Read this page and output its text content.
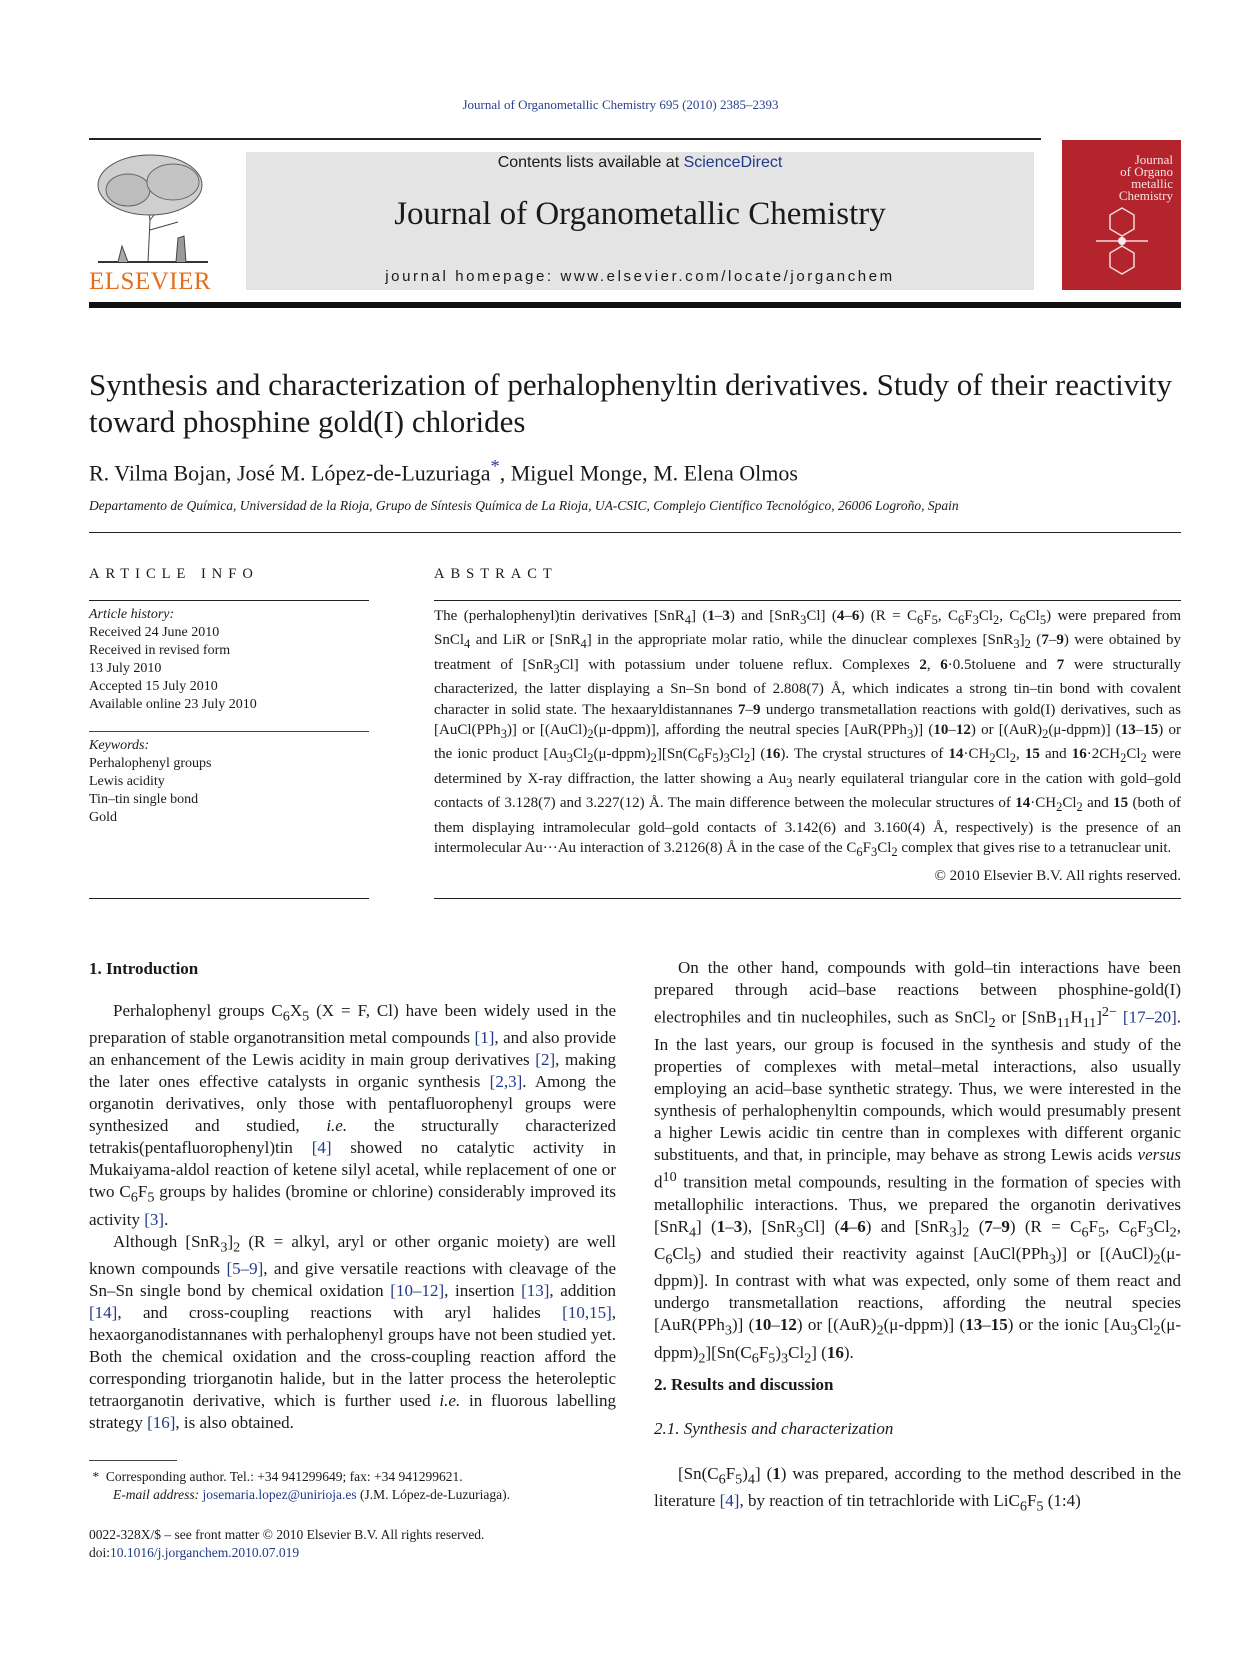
Journal of Organometallic Chemistry 695 (2010) 2385–2393
ELSEVIER
Contents lists available at ScienceDirect
Journal of Organometallic Chemistry
journal homepage: www.elsevier.com/locate/jorganchem
Journal
of Organo
metallic
Chemistry
Synthesis and characterization of perhalophenyltin derivatives. Study of their reactivity toward phosphine gold(I) chlorides
R. Vilma Bojan, José M. López-de-Luzuriaga*, Miguel Monge, M. Elena Olmos
Departamento de Química, Universidad de la Rioja, Grupo de Síntesis Química de La Rioja, UA-CSIC, Complejo Científico Tecnológico, 26006 Logroño, Spain
ARTICLE INFO
Article history:
Received 24 June 2010
Received in revised form
13 July 2010
Accepted 15 July 2010
Available online 23 July 2010
Keywords:
Perhalophenyl groups
Lewis acidity
Tin–tin single bond
Gold
ABSTRACT
The (perhalophenyl)tin derivatives [SnR$_4$] (1–3) and [SnR$_3$Cl] (4–6) ($R = C_6F_5$, $C_6F_3Cl_2$, $C_6Cl_5$) were prepared from SnCl$_4$ and LiR or [SnR$_4$] in the appropriate molar ratio, while the dinuclear complexes $[SnR_3]_2$ (7–9) were obtained by treatment of [SnR$_3$Cl] with potassium under toluene reflux. Complexes 2, 6·0.5toluene and 7 were structurally characterized, the latter displaying a Sn–Sn bond of 2.808(7) Å, which indicates a strong tin–tin bond with covalent character in solid state. The hexaaryldistannanes 7–9 undergo transmetallation reactions with gold(I) derivatives, such as [AuCl(PPh$_3$)] or $[(AuCl)_2(\mu-dppm)]$, affording the neutral species [AuR(PPh$_3$)] (10–12) or $[(AuR)_2(\mu-dppm)]$ (13–15) or the ionic product $[Au_3Cl_2(\mu-dppm)_2][Sn(C_6F_5)_3Cl_2]$ (16). The crystal structures of $14\cdot CH_2Cl_2$, 15 and $16\cdot 2CH_2Cl_2$ were determined by X-ray diffraction, the latter showing a $Au_3$ nearly equilateral triangular core in the cation with gold–gold contacts of 3.128(7) and 3.227(12) Å. The main difference between the molecular structures of $14\cdot CH_2Cl_2$ and 15 (both of them displaying intramolecular gold–gold contacts of 3.142(6) and 3.160(4) Å, respectively) is the presence of an intermolecular Au···Au interaction of 3.2126(8) Å in the case of the $C_6F_3Cl_2$ complex that gives rise to a tetranuclear unit.
© 2010 Elsevier B.V. All rights reserved.
1. Introduction

Perhalophenyl groups $C_6X_5$ (X = F, Cl) have been widely used in the preparation of stable organotransition metal compounds [1], and also provide an enhancement of the Lewis acidity in main group derivatives [2], making the later ones effective catalysts in organic synthesis [2,3]. Among the organotin derivatives, only those with pentafluorophenyl groups were synthesized and studied, i.e. the structurally characterized tetrakis(pentafluorophenyl)tin [4] showed no catalytic activity in Mukaiyama-aldol reaction of ketene silyl acetal, while replacement of one or two $C_6F_5$ groups by halides (bromine or chlorine) considerably improved its activity [3].

Although $[SnR_3]_2$ (R = alkyl, aryl or other organic moiety) are well known compounds [5–9], and give versatile reactions with cleavage of the Sn–Sn single bond by chemical oxidation [10–12], insertion [13], addition [14], and cross-coupling reactions with aryl halides [10,15], hexaorganodistannanes with perhalophenyl groups have not been studied yet. Both the chemical oxidation and the cross-coupling reaction afford the corresponding triorganotin halide, but in the latter process the heteroleptic tetraorganotin derivative, which is further used i.e. in fluorous labelling strategy [16], is also obtained.

On the other hand, compounds with gold–tin interactions have been prepared through acid–base reactions between phosphine-gold(I) electrophiles and tin nucleophiles, such as SnCl$_2$ or $[SnB_{11}H_{11}]^{2-}$ [17–20]. In the last years, our group is focused in the synthesis and study of the properties of complexes with metal–metal interactions, also usually employing an acid–base synthetic strategy. Thus, we were interested in the synthesis of perhalophenyltin compounds, which would presumably present a higher Lewis acidic tin centre than in complexes with different organic substituents, and that, in principle, may behave as strong Lewis acids versus $d^{10}$ transition metal compounds, resulting in the formation of species with metallophilic interactions. Thus, we prepared the organotin derivatives [SnR$_4$] (1–3), [SnR$_3$Cl] (4–6) and $[SnR_3]_2$ (7–9) ($R = C_6F_5$, $C_6F_3Cl_2$, $C_6Cl_5$) and studied their reactivity against [AuCl(PPh$_3$)] or $[(AuCl)_2(\mu-dppm)]$. In contrast with what was expected, only some of them react and undergo transmetallation reactions, affording the neutral species [AuR(PPh$_3$)] (10–12) or $[(AuR)_2(\mu-dppm)]$ (13–15) or the ionic $[Au_3Cl_2(\mu-dppm)_2][Sn(C_6F_5)_3Cl_2]$ (16).

2. Results and discussion
2.1. Synthesis and characterization

$[Sn(C_6F_5)_4]$ (1) was prepared, according to the method described in the literature [4], by reaction of tin tetrachloride with $LiC_6F_5$ (1:4)

* Corresponding author. Tel.: +34 941299649; fax: +34 941299621.
E-mail address: josemaria.lopez@unirioja.es (J.M. López-de-Luzuriaga).
0022-328X/$ – see front matter © 2010 Elsevier B.V. All rights reserved.
doi:10.1016/j.jorganchem.2010.07.019
